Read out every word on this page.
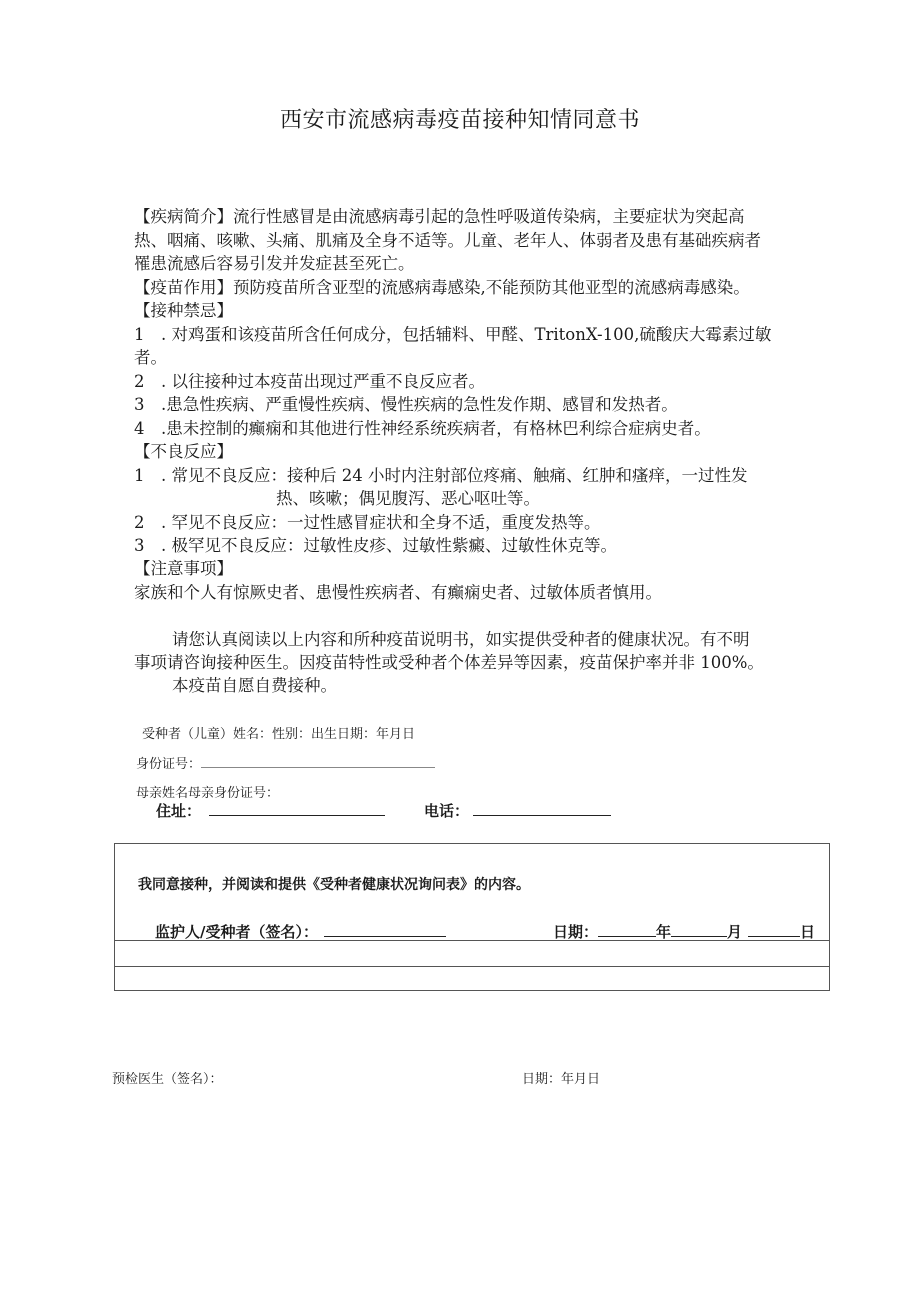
西安市流感病毒疫苗接种知情同意书
【疾病简介】流行性感冒是由流感病毒引起的急性呼吸道传染病，主要症状为突起高
热、咽痛、咳嗽、头痛、肌痛及全身不适等。儿童、老年人、体弱者及患有基础疾病者
罹患流感后容易引发并发症甚至死亡。
【疫苗作用】预防疫苗所含亚型的流感病毒感染,不能预防其他亚型的流感病毒感染。
【接种禁忌】
1　. 对鸡蛋和该疫苗所含任何成分，包括辅料、甲醛、TritonX-100,硫酸庆大霉素过敏
者。
2　. 以往接种过本疫苗出现过严重不良反应者。
3　.患急性疾病、严重慢性疾病、慢性疾病的急性发作期、感冒和发热者。
4　.患未控制的癫痫和其他进行性神经系统疾病者，有格林巴利综合症病史者。
【不良反应】
1　. 常见不良反应：接种后 24 小时内注射部位疼痛、触痛、红肿和瘙痒，一过性发
热、咳嗽；偶见腹泻、恶心呕吐等。
2　. 罕见不良反应：一过性感冒症状和全身不适，重度发热等。
3　. 极罕见不良反应：过敏性皮疹、过敏性紫癜、过敏性休克等。
【注意事项】
家族和个人有惊厥史者、患慢性疾病者、有癫痫史者、过敏体质者慎用。
请您认真阅读以上内容和所种疫苗说明书，如实提供受种者的健康状况。有不明
事项请咨询接种医生。因疫苗特性或受种者个体差异等因素，疫苗保护率并非 100%。
本疫苗自愿自费接种。
受种者（儿童）姓名：性别：出生日期：年月日
身份证号：
母亲姓名母亲身份证号：
住址：	电话：
我同意接种，并阅读和提供《受种者健康状况询问表》的内容。
监护人/受种者（签名）：	日期：	年	月	日
预检医生（签名）：	日期：年月日
